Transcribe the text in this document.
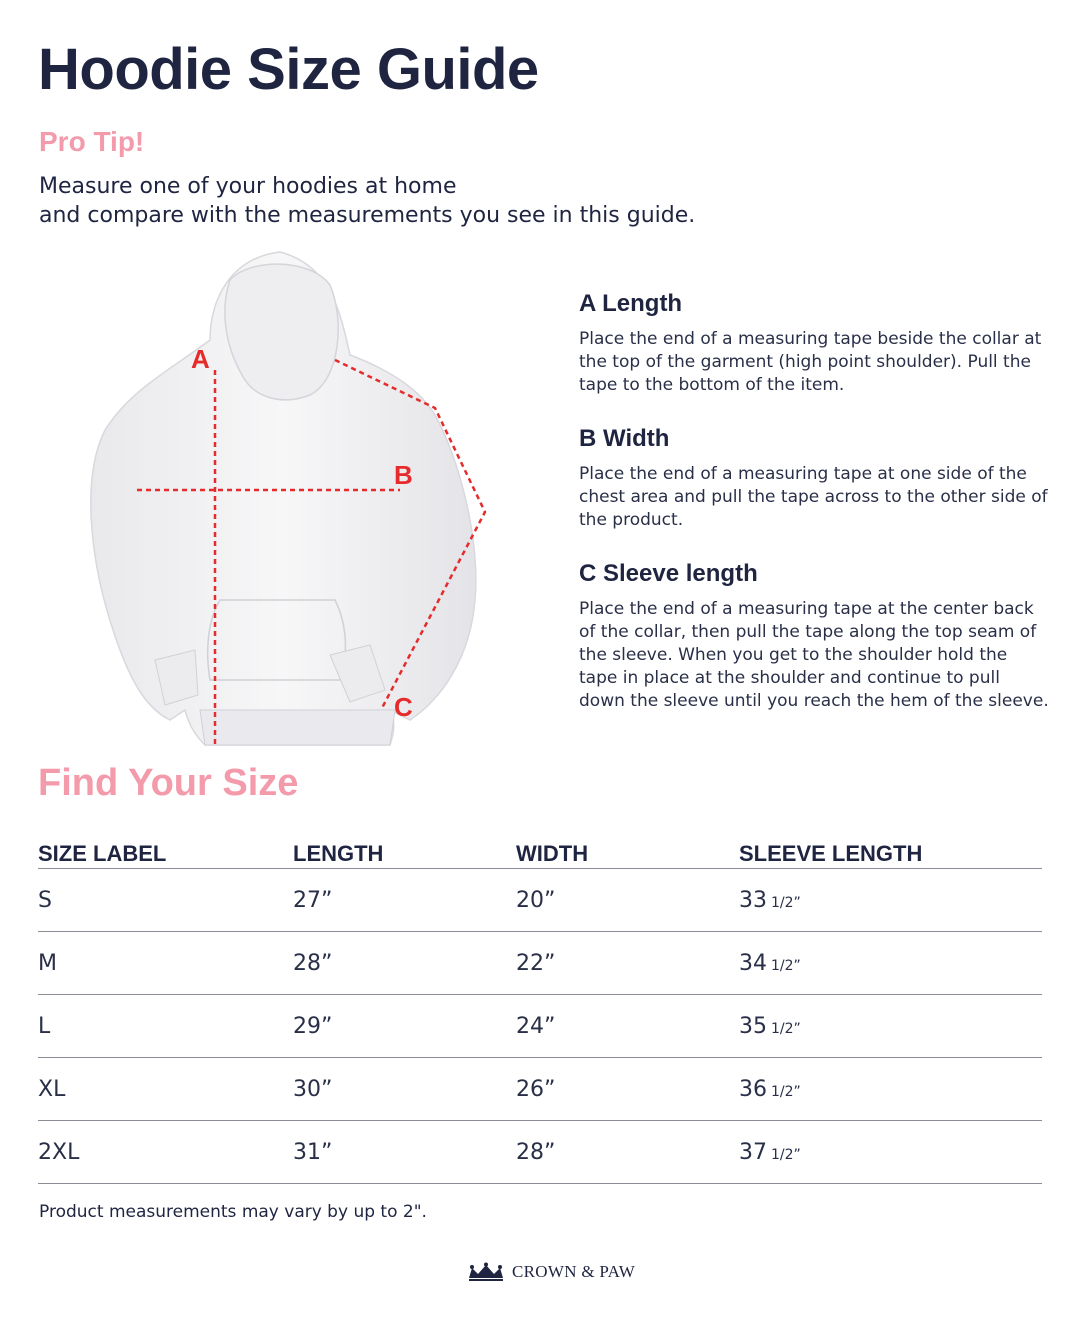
Hoodie Size Guide
Pro Tip!
Measure one of your hoodies at home
and compare with the measurements you see in this guide.
A
B
C
A Length

Place the end of a measuring tape beside the collar at the top of the garment (high point shoulder). Pull the tape to the bottom of the item.

B Width

Place the end of a measuring tape at one side of the chest area and pull the tape across to the other side of the product.

C Sleeve length

Place the end of a measuring tape at the center back of the collar, then pull the tape along the top seam of the sleeve. When you get to the shoulder hold the tape in place at the shoulder and continue to pull down the sleeve until you reach the hem of the sleeve.

Find Your Size
SIZE LABEL	LENGTH	WIDTH	SLEEVE LENGTH
S	27”	20”	33 1/2”
M	28”	22”	34 1/2”
L	29”	24”	35 1/2”
XL	30”	26”	36 1/2”
2XL	31”	28”	37 1/2”
Product measurements may vary by up to 2".
CROWN & PAW
